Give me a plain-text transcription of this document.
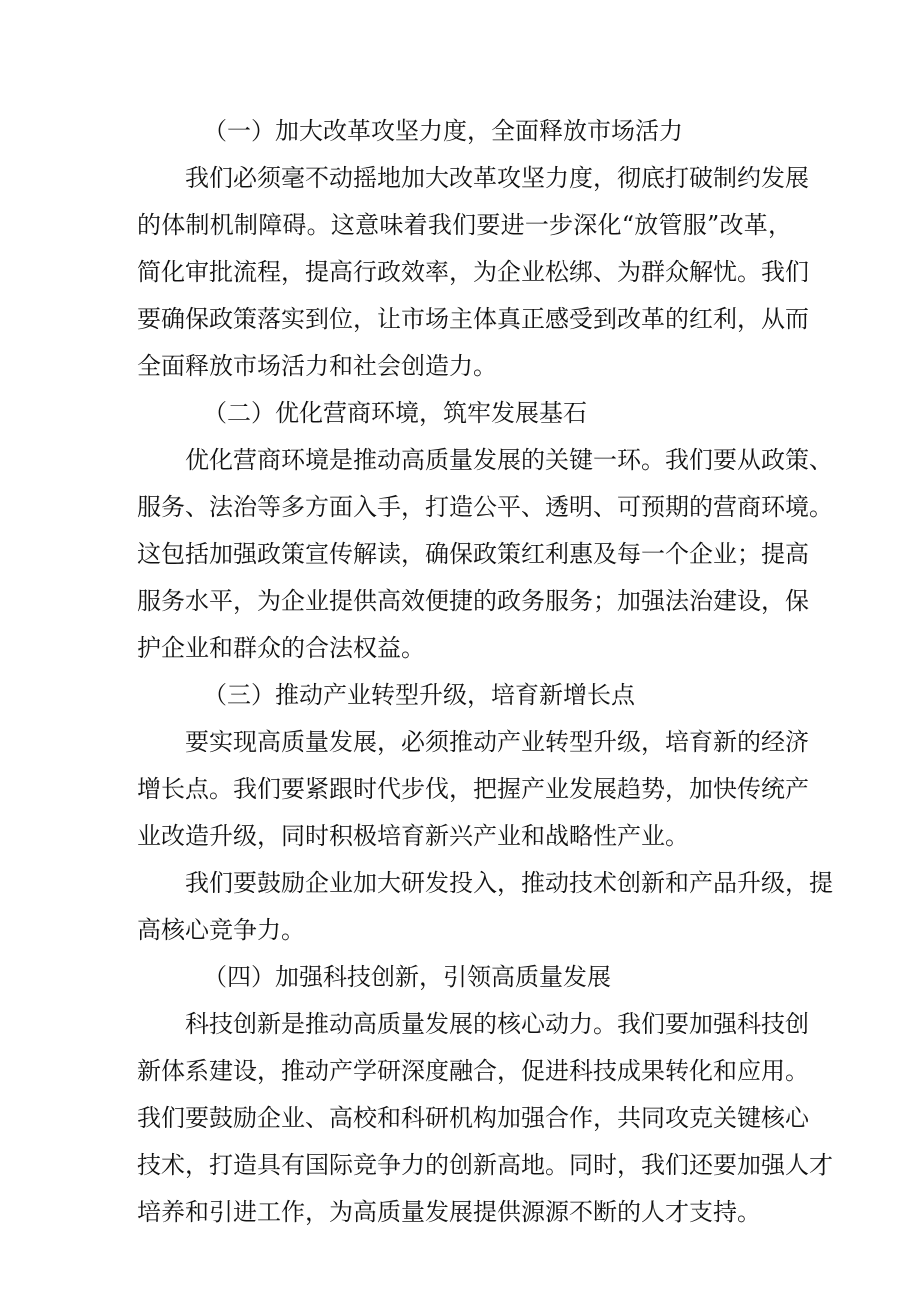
（一）加大改革攻坚力度，全面释放市场活力
我们必须毫不动摇地加大改革攻坚力度，彻底打破制约发展
的体制机制障碍。这意味着我们要进一步深化“放管服”改革，
简化审批流程，提高行政效率，为企业松绑、为群众解忧。我们
要确保政策落实到位，让市场主体真正感受到改革的红利，从而
全面释放市场活力和社会创造力。
（二）优化营商环境，筑牢发展基石
优化营商环境是推动高质量发展的关键一环。我们要从政策、
服务、法治等多方面入手，打造公平、透明、可预期的营商环境。
这包括加强政策宣传解读，确保政策红利惠及每一个企业；提高
服务水平，为企业提供高效便捷的政务服务；加强法治建设，保
护企业和群众的合法权益。
（三）推动产业转型升级，培育新增长点
要实现高质量发展，必须推动产业转型升级，培育新的经济
增长点。我们要紧跟时代步伐，把握产业发展趋势，加快传统产
业改造升级，同时积极培育新兴产业和战略性产业。
我们要鼓励企业加大研发投入，推动技术创新和产品升级，提
高核心竞争力。
（四）加强科技创新，引领高质量发展
科技创新是推动高质量发展的核心动力。我们要加强科技创
新体系建设，推动产学研深度融合，促进科技成果转化和应用。
我们要鼓励企业、高校和科研机构加强合作，共同攻克关键核心
技术，打造具有国际竞争力的创新高地。同时，我们还要加强人才
培养和引进工作，为高质量发展提供源源不断的人才支持。
